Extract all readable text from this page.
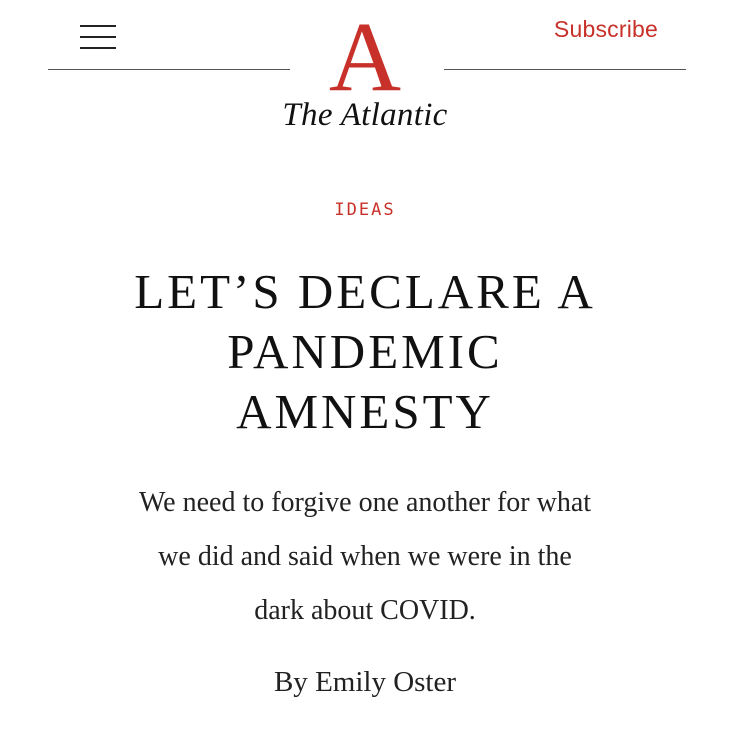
A
The Atlantic
Subscribe
IDEAS
LET’S DECLARE A
PANDEMIC
AMNESTY

We need to forgive one another for what
we did and said when we were in the
dark about COVID.

By Emily Oster
